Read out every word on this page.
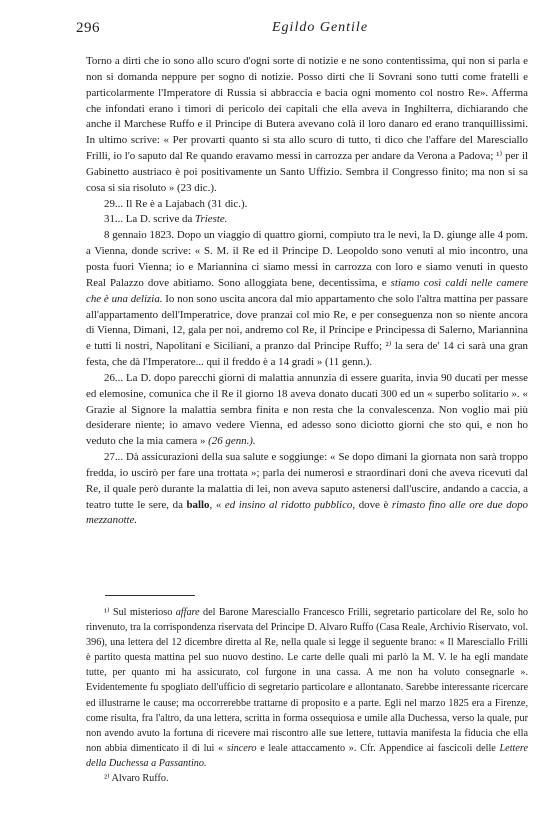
296	Egildo Gentile

Torno a dirti che io sono allo scuro d'ogni sorte di notizie e ne sono contentissima, qui non si parla e non si domanda neppure per sogno di notizie. Posso dirti che li Sovrani sono tutti come fratelli e particolarmente l'Imperatore di Russia si abbraccia e bacia ogni momento col nostro Re». Afferma che infondati erano i timori di pericolo dei capitali che ella aveva in Inghilterra, dichiarando che anche il Marchese Ruffo e il Principe di Butera avevano colà il loro danaro ed erano tranquillissimi. In ultimo scrive: « Per provarti quanto si sta allo scuro di tutto, ti dico che l'affare del Maresciallo Frilli, io l'o saputo dal Re quando eravamo messi in carrozza per andare da Verona a Padova; ¹⁾ per il Gabinetto austriaco è poi positivamente un Santo Uffizio. Sembra il Congresso finito; ma non si sa cosa si sia risoluto » (23 dic.).

29... Il Re è a Lajabach (31 dic.).

31... La D. scrive da Trieste.

8 gennaio 1823. Dopo un viaggio di quattro giorni, compiuto tra le nevi, la D. giunge alle 4 pom. a Vienna, donde scrive: « S. M. il Re ed il Principe D. Leopoldo sono venuti al mio incontro, una posta fuori Vienna; io e Mariannina ci siamo messi in carrozza con loro e siamo venuti in questo Real Palazzo dove abitiamo. Sono alloggiata bene, decentissima, e stiamo così caldi nelle camere che è una delizia. Io non sono uscita ancora dal mio appartamento che solo l'altra mattina per passare all'appartamento dell'Imperatrice, dove pranzai col mio Re, e per conseguenza non so niente ancora di Vienna, Dimani, 12, gala per noi, andremo col Re, il Principe e Principessa di Salerno, Mariannina e tutti li nostri, Napolitani e Siciliani, a pranzo dal Principe Ruffo; ²⁾ la sera de' 14 ci sarà una gran festa, che dà l'Imperatore... qui il freddo è a 14 gradi » (11 genn.).

26... La D. dopo parecchi giorni di malattia annunzia di essere guarita, invia 90 ducati per messe ed elemosine, comunica che il Re il giorno 18 aveva donato ducati 300 ed un « superbo solitario ». « Grazie al Signore la malattia sembra finita e non resta che la convalescenza. Non voglio mai più desiderare niente; io amavo vedere Vienna, ed adesso sono diciotto giorni che sto qui, e non ho veduto che la mia camera » (26 genn.).

27... Dà assicurazioni della sua salute e soggiunge: « Se dopo dimani la giornata non sarà troppo fredda, io uscirò per fare una trottata »; parla dei numerosi e straordinari doni che aveva ricevuti dal Re, il quale però durante la malattia di lei, non aveva saputo astenersi dall'uscire, andando a caccia, a teatro tutte le sere, da ballo, « ed insino al ridotto pubblico, dove è rimasto fino alle ore due dopo mezzanotte.

¹⁾ Sul misterioso affare del Barone Maresciallo Francesco Frilli, segretario particolare del Re, solo ho rinvenuto, tra la corrispondenza riservata del Principe D. Alvaro Ruffo (Casa Reale, Archivio Riservato, vol. 396), una lettera del 12 dicembre diretta al Re, nella quale si legge il seguente brano: « Il Maresciallo Frilli è partito questa mattina pel suo nuovo destino. Le carte delle quali mi parlò la M. V. le ha egli mandate tutte, per quanto mi ha assicurato, col furgone in una cassa. A me non ha voluto consegnarle ». Evidentemente fu spogliato dell'ufficio di segretario particolare e allontanato. Sarebbe interessante ricercare ed illustrarne le cause; ma occorrerebbe trattarne di proposito e a parte. Egli nel marzo 1825 era a Firenze, come risulta, fra l'altro, da una lettera, scritta in forma ossequiosa e umile alla Duchessa, verso la quale, pur non avendo avuto la fortuna di ricevere mai riscontro alle sue lettere, tuttavia manifesta la fiducia che ella non abbia dimenticato il di lui « sincero e leale attaccamento ». Cfr. Appendice ai fascicoli delle Lettere della Duchessa a Passantino.

²⁾ Alvaro Ruffo.
